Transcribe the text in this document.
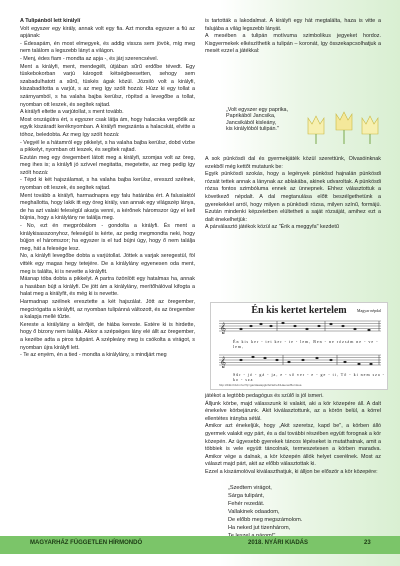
A Tulipánból lett királylí

Volt egyszer egy király, annak volt egy fia. Azt mondta egyszer a fiú az apjának:

- Édesapám, én most elmegyek, és addig vissza sem jövök, míg meg nem találom a legszebb lányt a világon.

- Menj, édes fiam - mondta az apja -, és járj szerencsével.

Ment a királyfi, ment, mendegélt, útjában sűrű erdőbe tévedt. Egy tüskebokorban varjú károgott kétségbeesetten, sehogy sem szabadulhatott a sűrű, tüskés ágak közül. Józsiló volt a királyfi, kiszabadította a varjút, s az meg így szólt hozzá: Húzz ki egy tollat a szárnyamból, s ha valaha bajba kerülsz, röpítsd a levegőbe a tollat, nyomban ott leszek, és segítek rajtad.

A királyfi eltette a varjútollat, s ment tovább.

Most országútra ért, s egyszer csak látja ám, hogy halacska vergődik az egyik kiszáradt keréknyomban. A királyfi megszánta a halacskát, elvitte a tóhoz, beledobta. Az meg így szólt hozzá:

- Vegyél le a hátamról egy pikkelyt, s ha valaha bajba kerülsz, dobd vízbe a pikkelyt, nyomban ott leszek, és segítek rajtad.

Ezután meg egy öregembert látott meg a királyfi, szomjas volt az öreg, meg ihes is; a királyfi jó szívvel megitatta, megetette, az meg pedig így szólt hozzá:

- Tépd ki két hajszálamat, s ha valaha bajba kerülsz, eresszd szélnek, nyomban ott leszek, és segítek rajtad.

Ment tovább a királyfi, harmadnapra egy falu határába ért. A falusiaktól meghallotta, hogy lakik itt egy öreg király, van annak egy világszép lánya, de ha azt valaki feleségül akarja venni, a kérőnek háromszor úgy el kell bújnia, hogy a királylány ne találja meg.

- No, ezt én megpróbálom - gondolta a királyfi. És ment a királykisasszonyhoz, feleségül is kérte, az pedig megmondta neki, hogy bújjon el háromszor; ha egyszer is el tud bújni úgy, hogy ő nem találja meg, hát a felesége lesz.

No, a királyfi levegőbe dobta a varjútollat. Jöttek a varjak seregestül, föl vitték egy magas hegy tetejére. De a királylány egyenesen oda ment, meg is találta, ki is nevette a királyfit.

Másnap tóba dobta a pikkelyt. A partra özönlött egy hatalmas ha, annak a hasában bújt a királyfi. De jött ám a királylány, merítőhálóval kifogta a halat meg a királyfit, és még ki is nevette.

Harmadnap szélnek eresztette a két hajszálat. Jött az öregember, megcirógatta a királyfit, az nyomban tulipánná változott, és az öregember a kalapja mellé tűzte.

Kereste a királylány a kérőjét, de hiába kereste. Estére ki is hirdette, hogy ő bizony nem találja. Akkor a szépséges lány elé állt az öregember, a kezébe adta a piros tulipánt. A szépleány meg is csókolta a virágot, s nyomban újra királyfi lett.

- Te az enyém, én a tied - mondta a királylány, s mindjárt meg

is tartották a lakodalmat. A királyfi egy hát megtalálta, haza is vitte a falujába a világ legszebb lányát.

A mesében a tulipán motívuma szimbolikus jegyeket hordoz. Kisgyermekek elkészíthetik a tulipán – koronát, így összekapcsolhatjuk a mesét ezzel a játékkal:

„Volt egyszer egy paprika,
Paprikából Jancsika,
Jancsikából kisleány,
kis királylóból tulipán."

A sok pünkösdi dal és gyermekjáték közül szerettünk, Olvasóinknak ezekből még kettőt mutatunk be:

Egyik pünkösdi szokás, hogy a legények pünkösd hajnalán pünkösdi rózsát tettek annak a lánynak az ablakába, akinek udvaroltak. A pünkösdi rózsa fontos szimbóluma ennek az ünnepnek. Ehhez választottuk a következő népdalt. A dal megtanulása előtt beszélgethetünk a gyerekekkel arról, hogy milyen a pünkösdi rózsa, milyen színű, formájú. Ezután mindenki képzeletben elültetheti a saját rózsáját, amihez ezt a dalt énekelhetjük:

A párválasztó játékok közül az "Érik a meggyfa" kezdetű

Én kis kertet kertelem	Magyar népdal
𝄞
𝄞
Én kis ker - tet ker - te - lem, Ben - ne rózsám ne - ve - lem,
Sűr - jó - gá - ja, e - ső ver - e - ge - ti, Tő - ki nem sza - ko - sza
http://diiik.frdvin.hu/?q=gazdaaiapgkrfeNeFeKiHaenerBornkoa

játékot a legtöbb pedagógus és szülő is jól ismeri.

Álljunk körbe, majd válasszunk ki valakit, aki a kör közepére áll. A dalt énekelve körbejárunk. Akit kiválasztottunk, az a körön belül, a körrel ellentétes irányba sétál.

Amikor azt énekeljük, hogy „Akit szeretsz, kapd be", a körben álló gyermek valakit egy párt, és a dal további részében együtt forognak a kör közepén. Az ügyesebb gyerekek táncos lépéseket is mutathatnak, amit a többiek is vele együtt táncolnak, termeszetesen a körben maradva. Amikor vége a dalnak, a kör közepén állók helyet cserélnek. Most az választ majd párt, akit az előbb választottak ki.

Ezzel a kiszámolóval kiválaszthatjuk, ki álljon be először a kör közepére:

„Szedtem virágot,
Sárga tulipánt,
Fehér rezedát.
Vallakinek odaadom,
De előbb meg megszámolom.
Ha neked jut tizenhárom,
MAGYARHÁZ FÜGGETLEN HÍRMONDÓ	2018. NYÁRI KIADÁS	23
